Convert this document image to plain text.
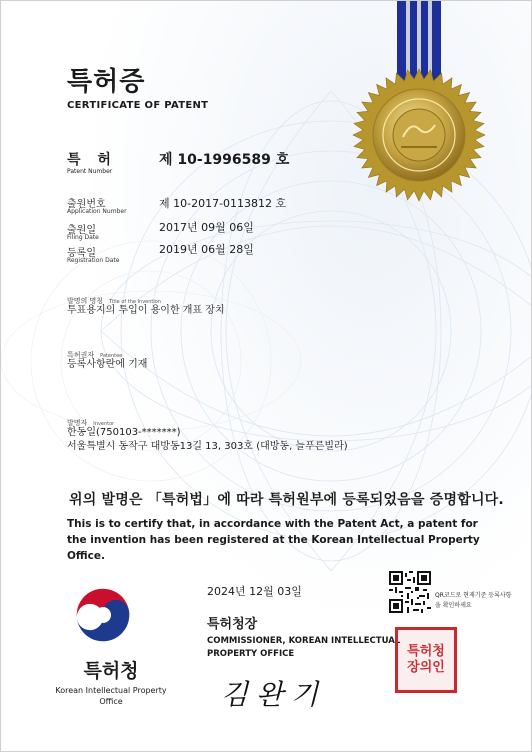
특허증
CERTIFICATE OF PATENT
특 허
Patent Number
제 10-1996589 호
출원번호
Application Number
제 10-2017-0113812 호
출원일
Filing Date
2017년 09월 06일
등록일
Registration Date
2019년 06월 28일
발명의 명칭 Title of the Invention
투표용지의 투입이 용이한 개표 장치
특허권자 Patentee
등록사항란에 기재
발명자 Inventor
한동일(750103-*******)
서울특별시 동작구 대방동13길 13, 303호 (대방동, 늘푸른빌라)
위의 발명은 「특허법」에 따라 특허원부에 등록되었음을 증명합니다.
This is to certify that, in accordance with the Patent Act, a patent for the invention has been registered at the Korean Intellectual Property Office.
특허청
Korean Intellectual Property Office
2024년 12월 03일
특허청장
COMMISSIONER, KOREAN INTELLECTUAL PROPERTY OFFICE
김완기
특허청장의인
QR코드로 현재기준 등록사항을 확인하세요
